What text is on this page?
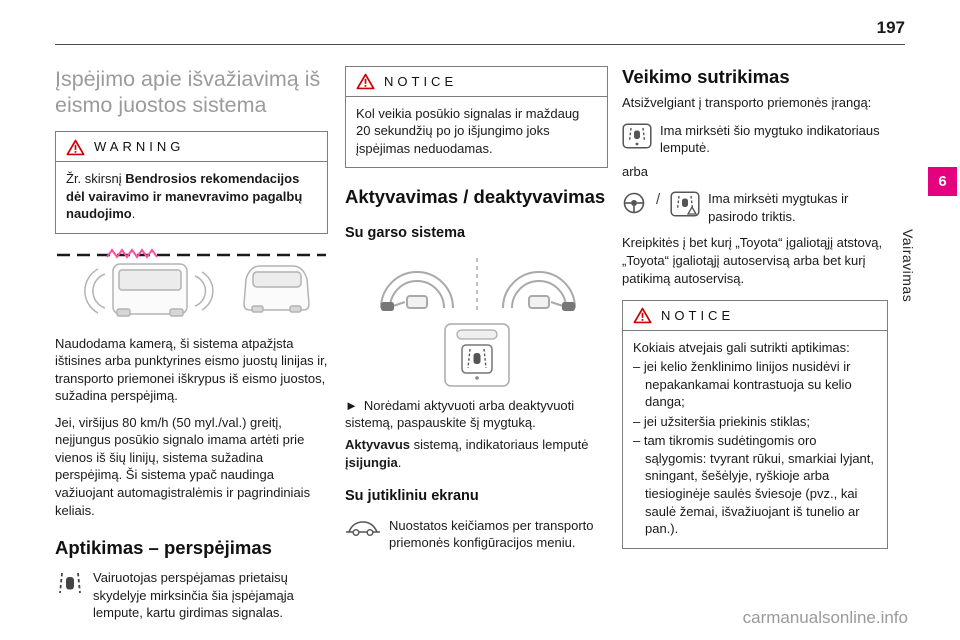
197
6
Vairavimas
carmanualsonline.info
Įspėjimo apie išvažiavimą iš eismo juostos sistema
WARNING
Žr. skirsnį Bendrosios rekomendacijos dėl vairavimo ir manevravimo pagalbų naudojimo.

Naudodama kamerą, ši sistema atpažįsta ištisines arba punktyrines eismo juostų linijas ir, transporto priemonei iškrypus iš eismo juostos, sužadina perspėjimą.

Jei, viršijus 80 km/h (50 myl./val.) greitį, neįjungus posūkio signalo imama artėti prie vienos iš šių linijų, sistema sužadina perspėjimą. Ši sistema ypač naudinga važiuojant automagistralėmis ir pagrindiniais keliais.

Aptikimas – perspėjimas
Vairuotojas perspėjamas prietaisų skydelyje mirksinčia šia įspėjamąja lempute, kartu girdimas signalas.
NOTICE
Kol veikia posūkio signalas ir maždaug 20 sekundžių po jo išjungimo joks įspėjimas neduodamas.
Aktyvavimas / deaktyvavimas
Su garso sistema

► Norėdami aktyvuoti arba deaktyvuoti sistemą, paspauskite šį mygtuką.

Aktyvavus sistemą, indikatoriaus lemputė įsijungia.

Su jutikliniu ekranu
Nuostatos keičiamos per transporto priemonės konfigūracijos meniu.
Veikimo sutrikimas

Atsižvelgiant į transporto priemonės įrangą:

Ima mirksėti šio mygtuko indikatoriaus lemputė.

arba

/	Ima mirksėti mygtukas ir pasirodo triktis.

Kreipkitės į bet kurį „Toyota“ įgaliotąjį atstovą, „Toyota“ įgaliotąjį autoservisą arba bet kurį patikimą autoservisą.

NOTICE
Kokiais atvejais gali sutrikti aptikimas:
– jei kelio ženklinimo linijos nusidėvi ir nepakankamai kontrastuoja su kelio danga;
– jei užsiteršia priekinis stiklas;
– tam tikromis sudėtingomis oro sąlygomis: tvyrant rūkui, smarkiai lyjant, sningant, šešėlyje, ryškioje arba tiesioginėje saulės šviesoje (pvz., kai saulė žemai, išvažiuojant iš tunelio ar pan.).
